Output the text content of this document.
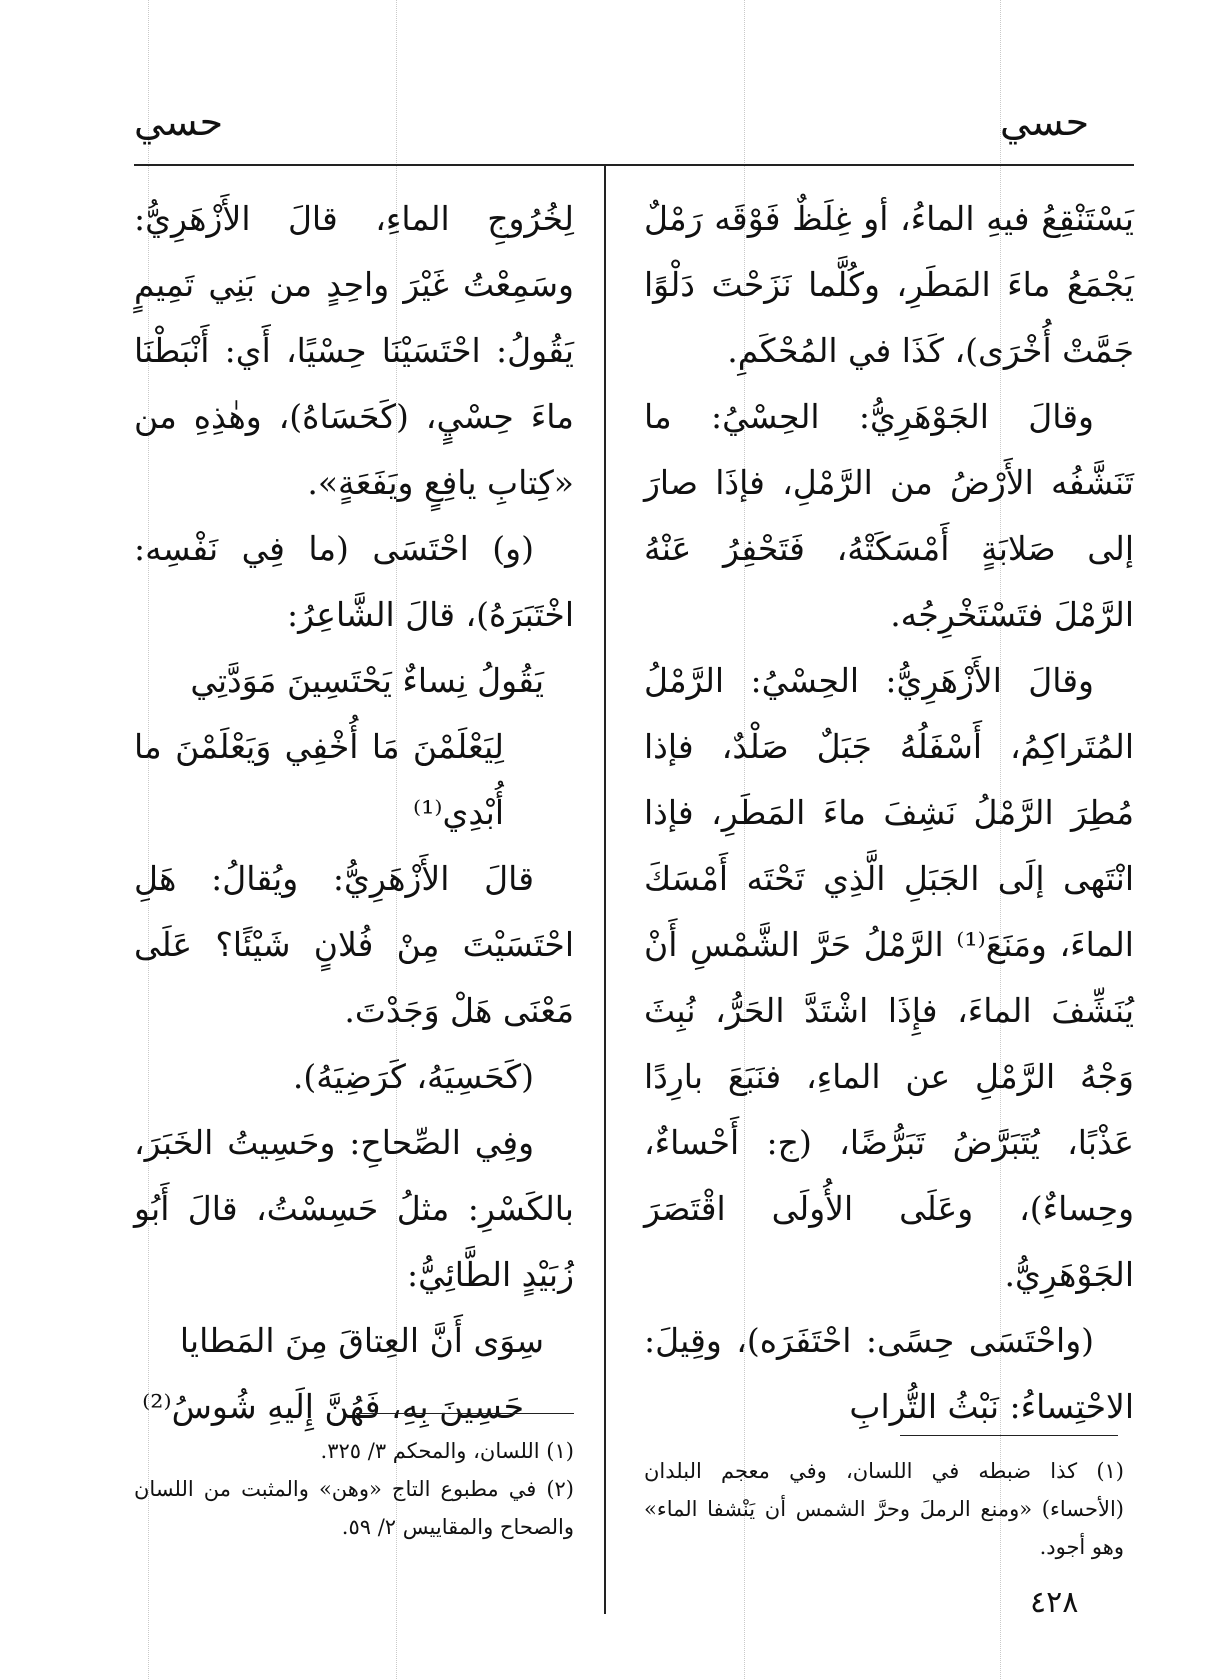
حسي
حسي

يَسْتَنْقِعُ فيهِ الماءُ، أو غِلَظٌ فَوْقَه رَمْلٌ يَجْمَعُ ماءَ المَطَرِ، وكُلَّما نَزَحْتَ دَلْوًا جَمَّتْ أُخْرَى)، كَذَا في المُحْكَمِ.

وقالَ الجَوْهَرِيُّ: الحِسْيُ: ما تَنَشَّفُه الأَرْضُ من الرَّمْلِ، فإذَا صارَ إلى صَلابَةٍ أَمْسَكَتْهُ، فَتَحْفِرُ عَنْهُ الرَّمْلَ فتَسْتَخْرِجُه.

وقالَ الأَزْهَرِيُّ: الحِسْيُ: الرَّمْلُ المُتَراكِمُ، أَسْفَلُهُ جَبَلٌ صَلْدٌ، فإذا مُطِرَ الرَّمْلُ نَشِفَ ماءَ المَطَرِ، فإذا انْتَهى إلَى الجَبَلِ الَّذِي تَحْتَه أَمْسَكَ الماءَ، ومَنَعَ⁽¹⁾ الرَّمْلُ حَرَّ الشَّمْسِ أَنْ يُنَشِّفَ الماءَ، فإِذَا اشْتَدَّ الحَرُّ، نُبِثَ وَجْهُ الرَّمْلِ عن الماءِ، فنَبَعَ بارِدًا عَذْبًا، يُتَبَرَّضُ تَبَرُّضًا، (ج: أَحْساءٌ، وحِساءٌ)، وعَلَى الأُولَى اقْتَصَرَ الجَوْهَرِيُّ.

(واحْتَسَى حِسًى: احْتَفَرَه)، وقِيلَ: الاحْتِساءُ: نَبْثُ التُّرابِ

(١) كذا ضبطه في اللسان، وفي معجم البلدان (الأحساء) «ومنع الرملَ وحرَّ الشمس أن يَنْشفا الماء» وهو أجود.

لِخُرُوجِ الماءِ، قالَ الأَزْهَرِيُّ: وسَمِعْتُ غَيْرَ واحِدٍ من بَنِي تَمِيمٍ يَقُولُ: احْتَسَيْنَا حِسْيًا، أَي: أَنْبَطْنَا ماءَ حِسْيٍ، (كَحَسَاهُ)، وهٰذِهِ من «كِتابِ يافِعٍ ويَفَعَةٍ».

(و) احْتَسَى (ما فِي نَفْسِه: اخْتَبَرَهُ)، قالَ الشَّاعِرُ:

يَقُولُ نِساءٌ يَحْتَسِينَ مَوَدَّتِي

لِيَعْلَمْنَ مَا أُخْفِي وَيَعْلَمْنَ ما أُبْدِي⁽¹⁾

قالَ الأَزْهَرِيُّ: ويُقالُ: هَلِ احْتَسَيْتَ مِنْ فُلانٍ شَيْئًا؟ عَلَى مَعْنَى هَلْ وَجَدْتَ.

(كَحَسِيَهُ، كَرَضِيَهُ).

وفِي الصِّحاحِ: وحَسِيتُ الخَبَرَ، بالكَسْرِ: مثلُ حَسِسْتُ، قالَ أَبُو زُبَيْدٍ الطَّائِيُّ:

سِوَى أَنَّ العِتاقَ مِنَ المَطايا

حَسِينَ بِهِ، فَهُنَّ إِلَيهِ شُوسُ⁽²⁾

(١) اللسان، والمحكم ٣/ ٣٢٥.

(٢) في مطبوع التاج «وهن» والمثبت من اللسان والصحاح والمقاييس ٢/ ٥٩.

٤٢٨
